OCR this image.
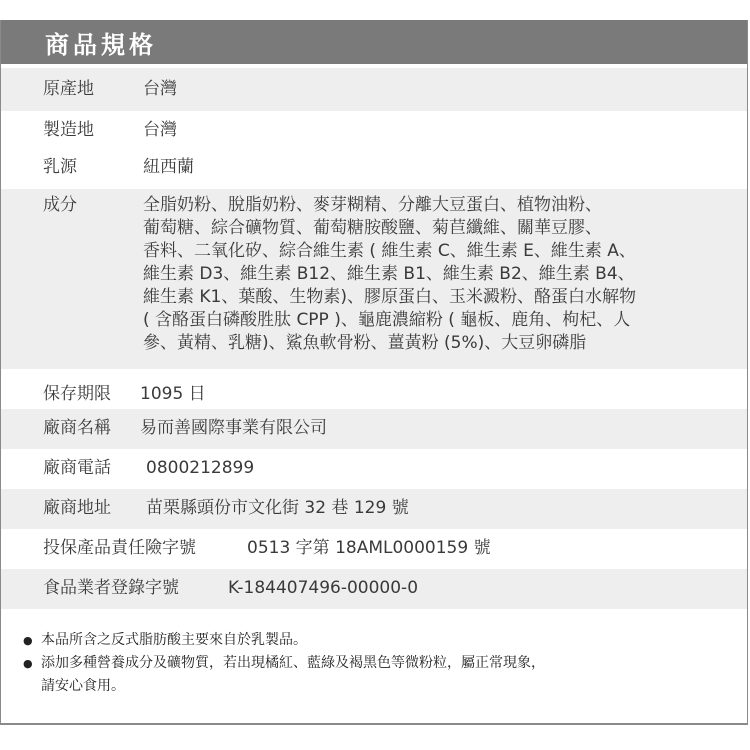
商品規格
原產地	台灣
製造地	台灣
乳源	紐西蘭
成分	全脂奶粉、脫脂奶粉、麥芽糊精、分離大豆蛋白、植物油粉、
葡萄糖、綜合礦物質、葡萄糖胺酸鹽、菊苣纖維、關華豆膠、
香料、二氧化矽、綜合維生素 ( 維生素 C、維生素 E、維生素 A、
維生素 D3、維生素 B12、維生素 B1、維生素 B2、維生素 B4、
維生素 K1、葉酸、生物素)、膠原蛋白、玉米澱粉、酪蛋白水解物
( 含酪蛋白磷酸胜肽 CPP )、龜鹿濃縮粉 ( 龜板、鹿角、枸杞、人
參、黃精、乳糖)、鯊魚軟骨粉、薑黃粉 (5%)、大豆卵磷脂
保存期限	1095 日
廠商名稱	易而善國際事業有限公司
廠商電話	0800212899
廠商地址	苗栗縣頭份市文化街 32 巷 129 號
投保產品責任險字號	0513 字第 18AML0000159 號
食品業者登錄字號	K-184407496-00000-0
● 本品所含之反式脂肪酸主要來自於乳製品。
● 添加多種營養成分及礦物質，若出現橘紅、藍綠及褐黑色等微粉粒，屬正常現象，
請安心食用。
